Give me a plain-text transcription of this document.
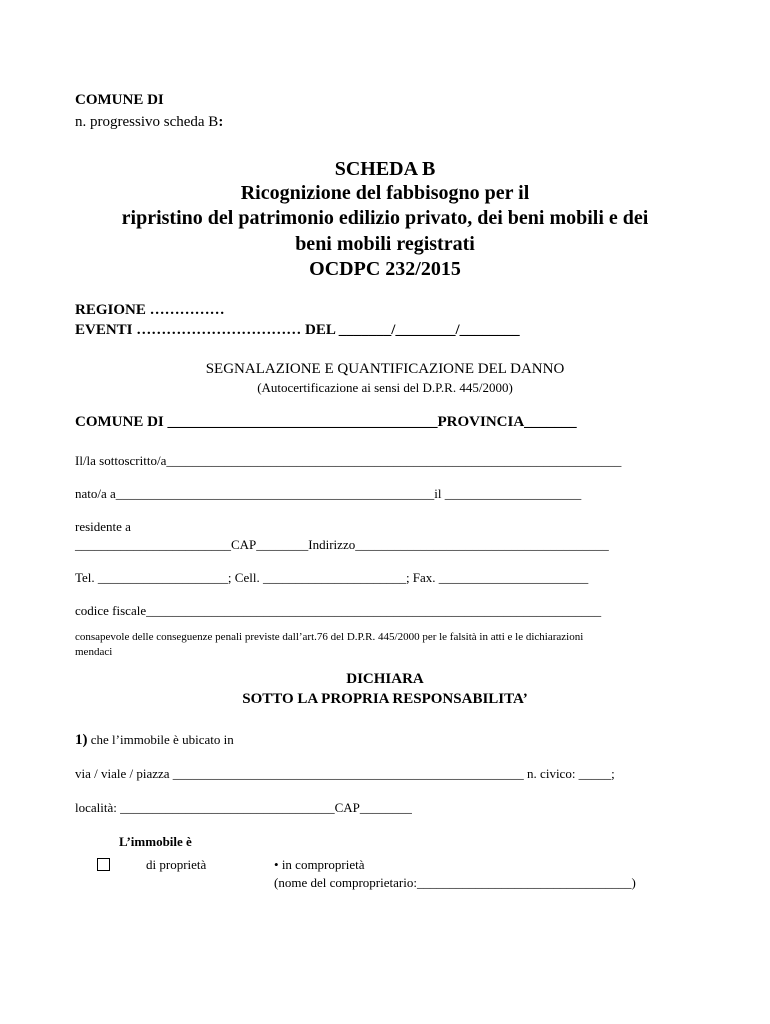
COMUNE DI
n. progressivo scheda B:
SCHEDA B
Ricognizione del fabbisogno per il
ripristino del patrimonio edilizio privato, dei beni mobili e dei
beni mobili registrati
OCDPC 232/2015
REGIONE ……………
EVENTI …………………………… DEL _______/________/________
SEGNALAZIONE E QUANTIFICAZIONE DEL DANNO
(Autocertificazione ai sensi del D.P.R. 445/2000)
COMUNE DI ____________________________________PROVINCIA_______
Il/la sottoscritto/a______________________________________________________________________
nato/a a_________________________________________________il _____________________
residente a
________________________CAP________Indirizzo_______________________________________
Tel. ____________________; Cell. ______________________; Fax. _______________________
codice fiscale______________________________________________________________________
consapevole delle conseguenze penali previste dall’art.76 del D.P.R. 445/2000 per le falsità in atti e le dichiarazioni
mendaci
DICHIARA
SOTTO LA PROPRIA RESPONSABILITA’
1) che l’immobile è ubicato in
via / viale / piazza ______________________________________________________ n. civico: _____;
località: _________________________________CAP________
L’immobile è
di proprietà	• in comproprietà
(nome del comproprietario:_________________________________)
